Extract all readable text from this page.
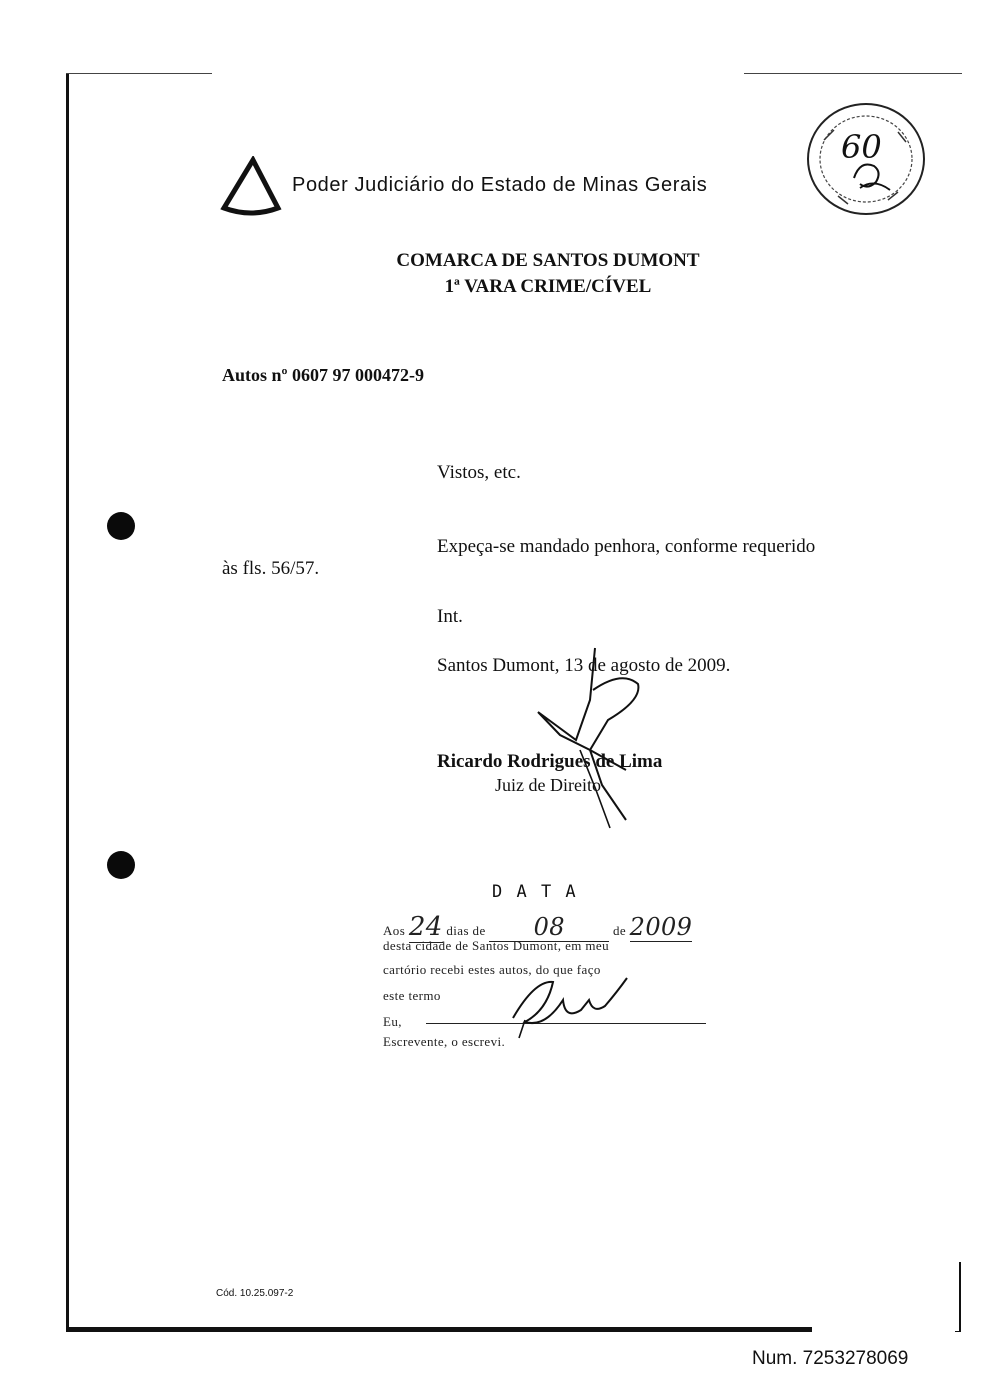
Poder Judiciário do Estado de Minas Gerais
60
COMARCA DE SANTOS DUMONT
1ª VARA CRIME/CÍVEL
Autos nº 0607 97 000472-9
Vistos, etc.
Expeça-se mandado penhora, conforme requerido
às fls. 56/57.
Int.
Santos Dumont, 13 de agosto de 2009.
Ricardo Rodrigues de Lima
Juiz de Direito
D A T A
Aos 24 dias de 08	de 2009
desta cidade de Santos Dumont, em meu
cartório recebi estes autos, do que faço
este termo
Eu,
Escrevente, o escrevi.
Cód. 10.25.097-2
Num. 7253278069
